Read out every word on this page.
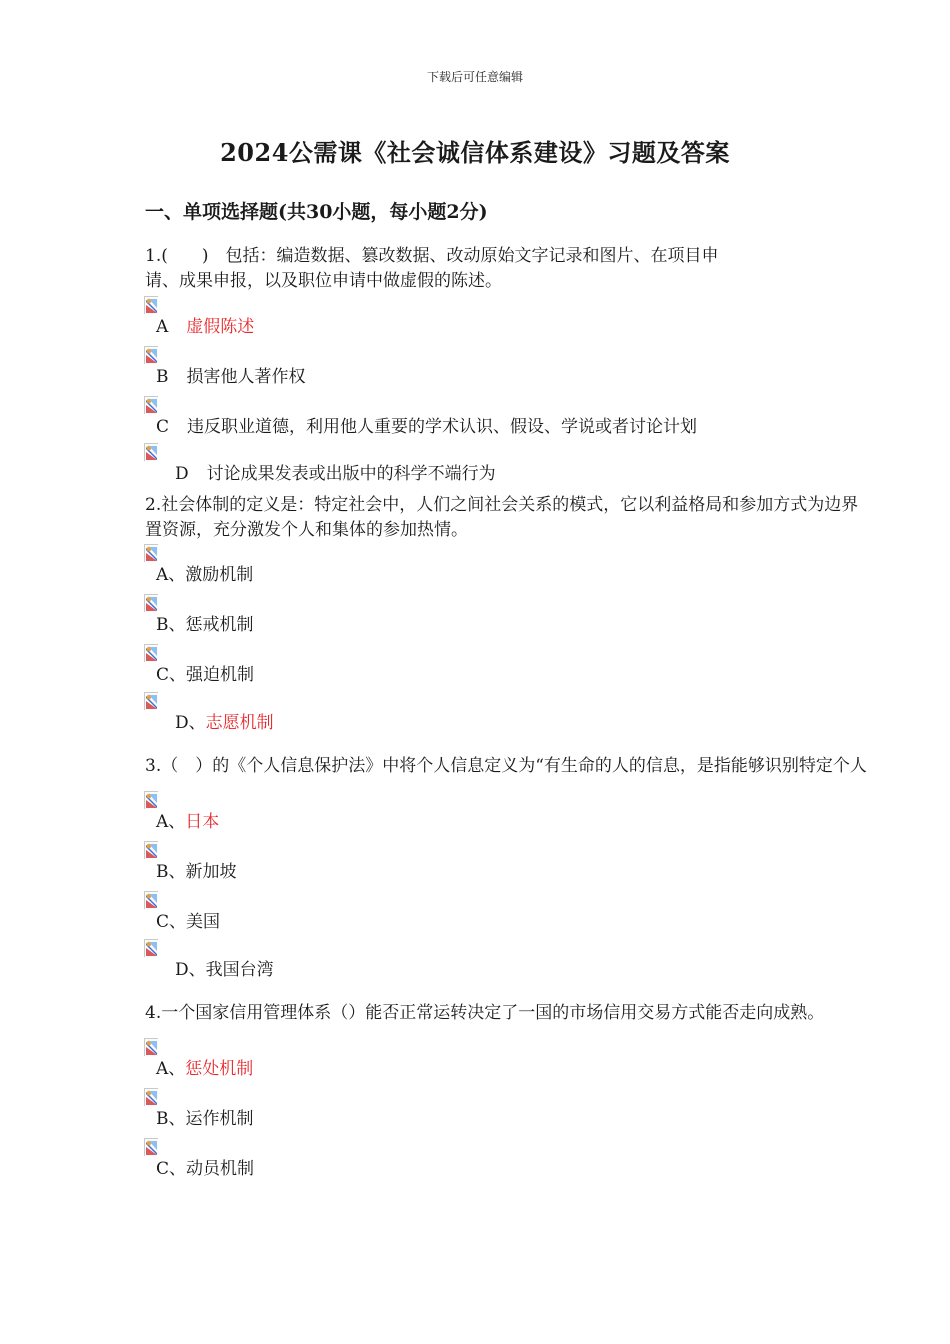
下载后可任意编辑
2024公需课《社会诚信体系建设》习题及答案
一、单项选择题(共30小题，每小题2分)
1.(　　)　包括：编造数据、篡改数据、改动原始文字记录和图片、在项目申
请、成果申报，以及职位申请中做虚假的陈述。
A 虚假陈述
B 损害他人著作权
C 违反职业道德，利用他人重要的学术认识、假设、学说或者讨论计划
D 讨论成果发表或出版中的科学不端行为
2.社会体制的定义是：特定社会中，人们之间社会关系的模式，它以利益格局和参加方式为边界
置资源，充分激发个人和集体的参加热情。
A、激励机制
B、惩戒机制
C、强迫机制
D、志愿机制
3.（　）的《个人信息保护法》中将个人信息定义为“有生命的人的信息，是指能够识别特定个人
A、日本
B、新加坡
C、美国
D、我国台湾
4.一个国家信用管理体系（）能否正常运转决定了一国的市场信用交易方式能否走向成熟。
A、惩处机制
B、运作机制
C、动员机制
